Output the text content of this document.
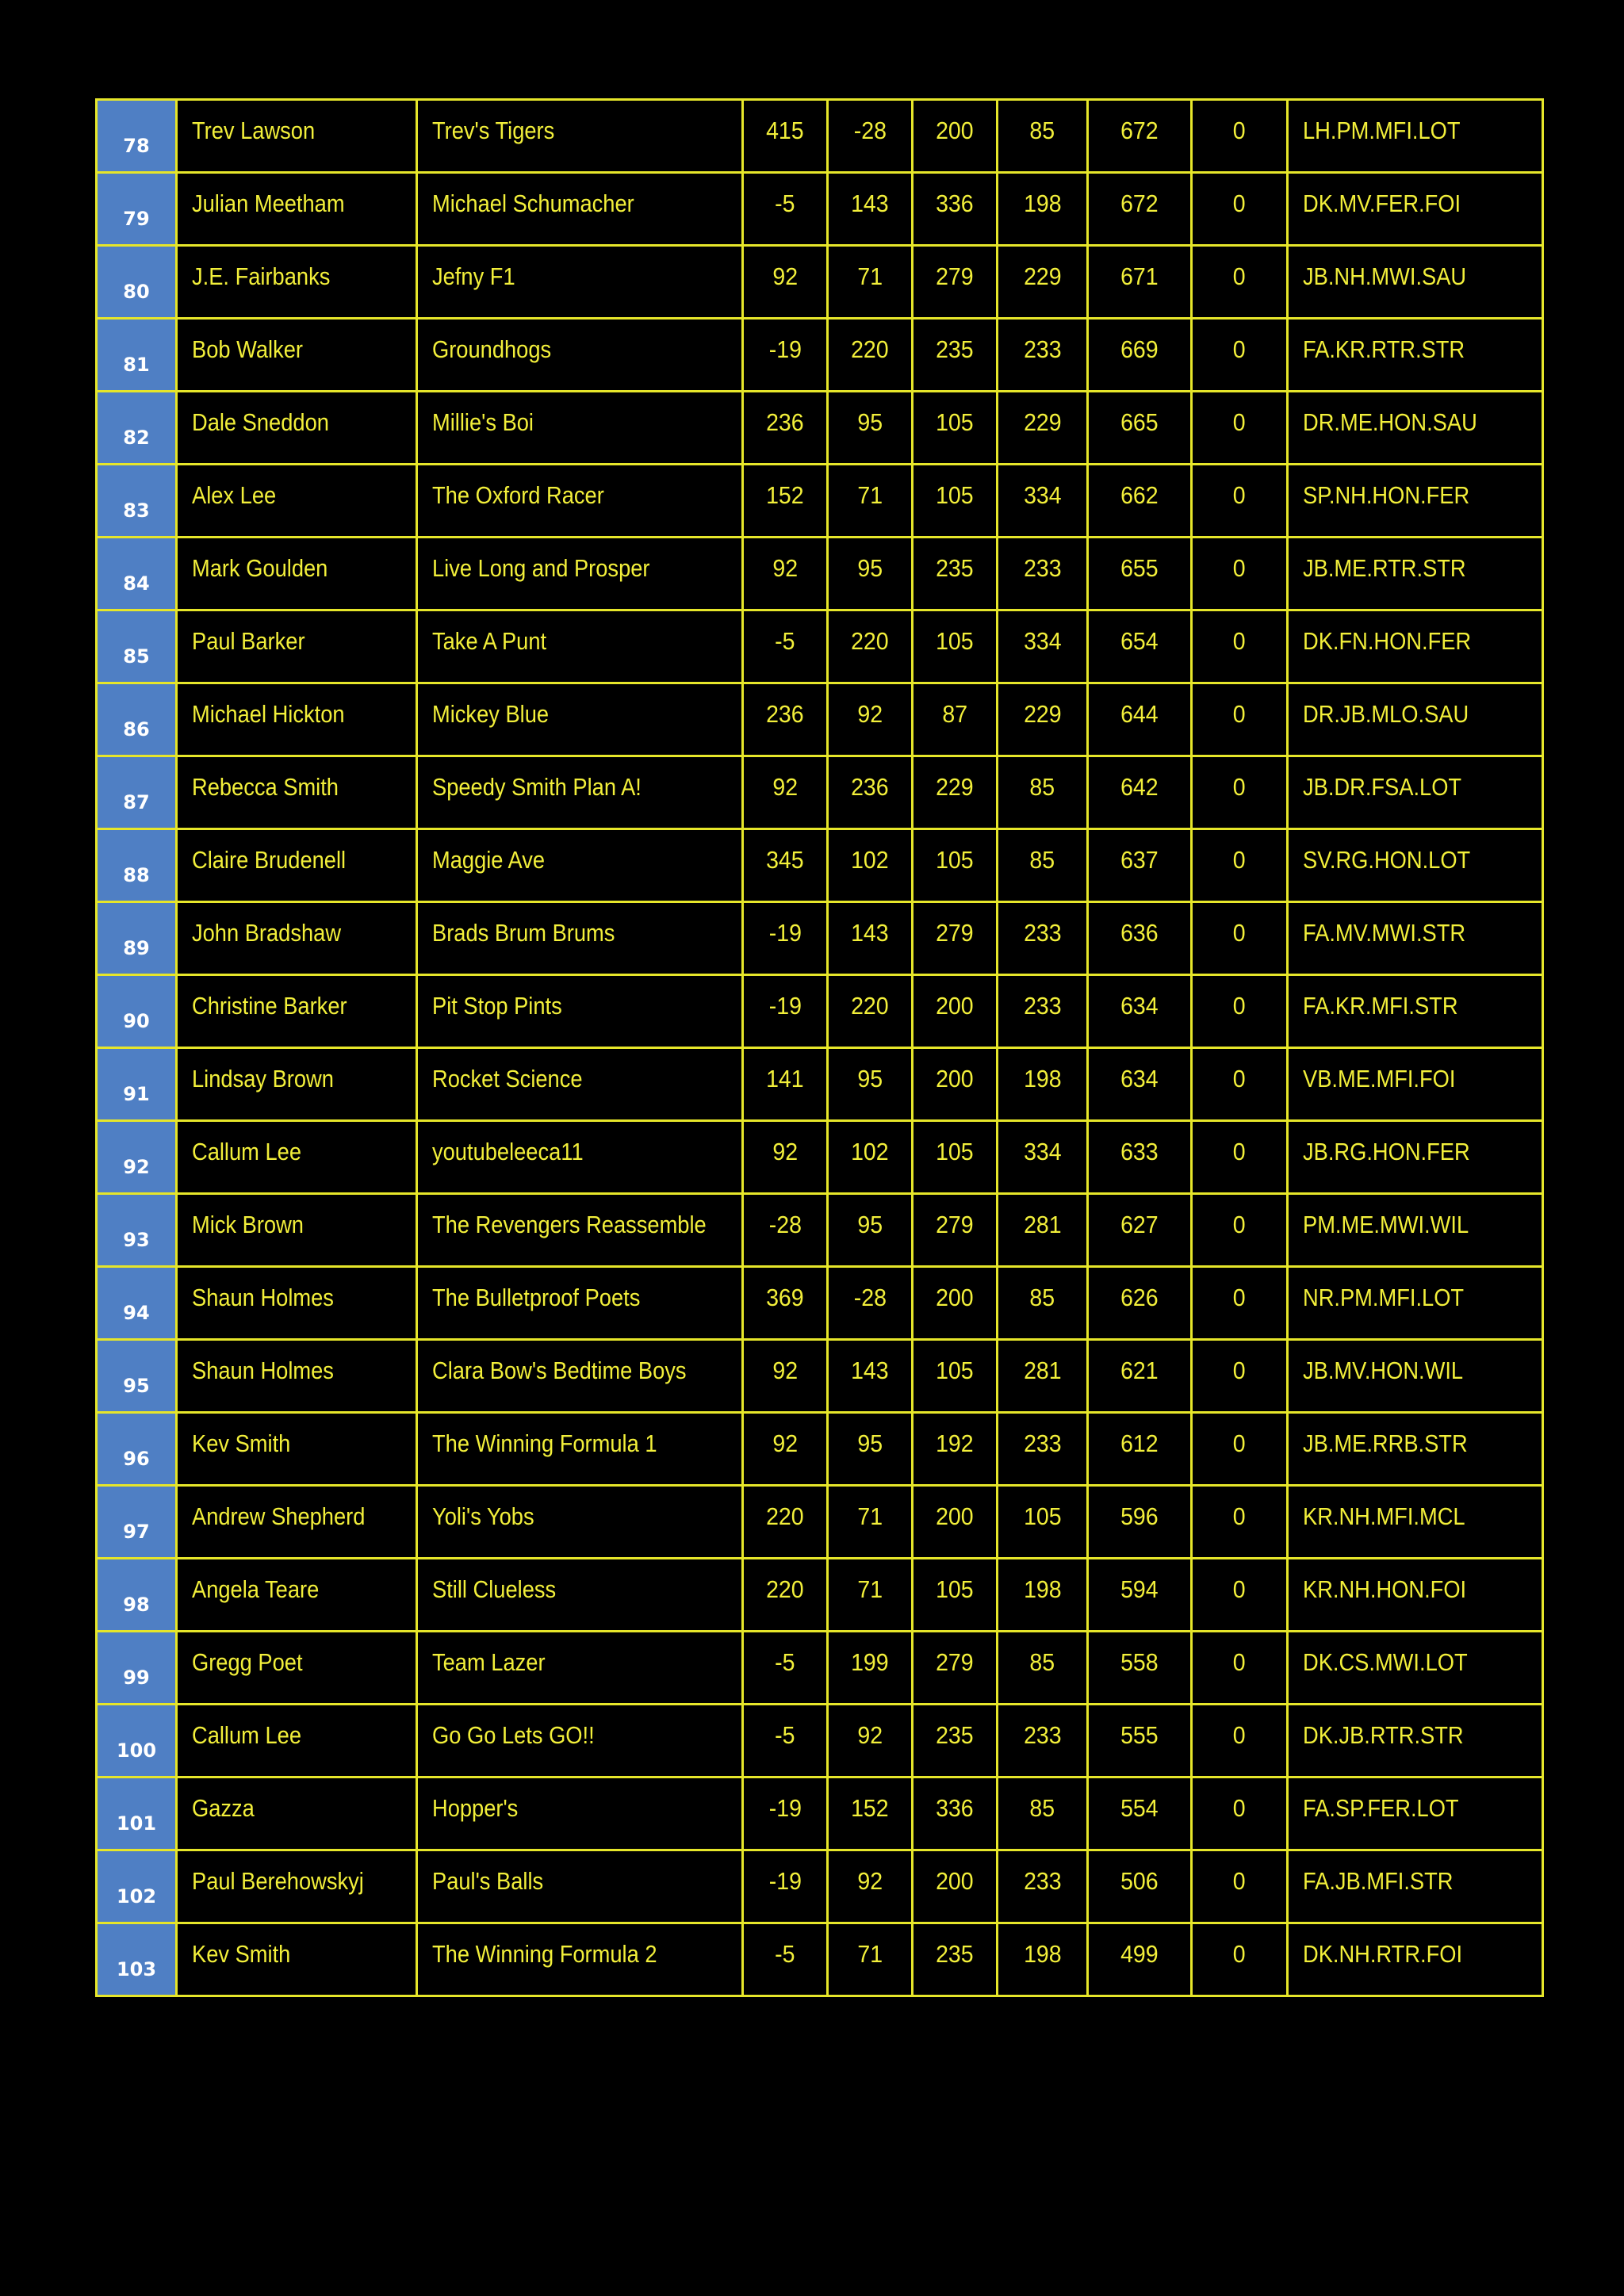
78	Trev Lawson	Trev's Tigers	415	-28	200	85	672	0	LH.PM.MFI.LOT
79	Julian Meetham	Michael Schumacher	-5	143	336	198	672	0	DK.MV.FER.FOI
80	J.E. Fairbanks	Jefny F1	92	71	279	229	671	0	JB.NH.MWI.SAU
81	Bob Walker	Groundhogs	-19	220	235	233	669	0	FA.KR.RTR.STR
82	Dale Sneddon	Millie's Boi	236	95	105	229	665	0	DR.ME.HON.SAU
83	Alex Lee	The Oxford Racer	152	71	105	334	662	0	SP.NH.HON.FER
84	Mark Goulden	Live Long and Prosper	92	95	235	233	655	0	JB.ME.RTR.STR
85	Paul Barker	Take A Punt	-5	220	105	334	654	0	DK.FN.HON.FER
86	Michael Hickton	Mickey Blue	236	92	87	229	644	0	DR.JB.MLO.SAU
87	Rebecca Smith	Speedy Smith Plan A!	92	236	229	85	642	0	JB.DR.FSA.LOT
88	Claire Brudenell	Maggie Ave	345	102	105	85	637	0	SV.RG.HON.LOT
89	John Bradshaw	Brads Brum Brums	-19	143	279	233	636	0	FA.MV.MWI.STR
90	Christine Barker	Pit Stop Pints	-19	220	200	233	634	0	FA.KR.MFI.STR
91	Lindsay Brown	Rocket Science	141	95	200	198	634	0	VB.ME.MFI.FOI
92	Callum Lee	youtubeleeca11	92	102	105	334	633	0	JB.RG.HON.FER
93	Mick Brown	The Revengers Reassemble	-28	95	279	281	627	0	PM.ME.MWI.WIL
94	Shaun Holmes	The Bulletproof Poets	369	-28	200	85	626	0	NR.PM.MFI.LOT
95	Shaun Holmes	Clara Bow's Bedtime Boys	92	143	105	281	621	0	JB.MV.HON.WIL
96	Kev Smith	The Winning Formula 1	92	95	192	233	612	0	JB.ME.RRB.STR
97	Andrew Shepherd	Yoli's Yobs	220	71	200	105	596	0	KR.NH.MFI.MCL
98	Angela Teare	Still Clueless	220	71	105	198	594	0	KR.NH.HON.FOI
99	Gregg Poet	Team Lazer	-5	199	279	85	558	0	DK.CS.MWI.LOT
100	Callum Lee	Go Go Lets GO!!	-5	92	235	233	555	0	DK.JB.RTR.STR
101	Gazza	Hopper's	-19	152	336	85	554	0	FA.SP.FER.LOT
102	Paul Berehowskyj	Paul's Balls	-19	92	200	233	506	0	FA.JB.MFI.STR
103	Kev Smith	The Winning Formula 2	-5	71	235	198	499	0	DK.NH.RTR.FOI
